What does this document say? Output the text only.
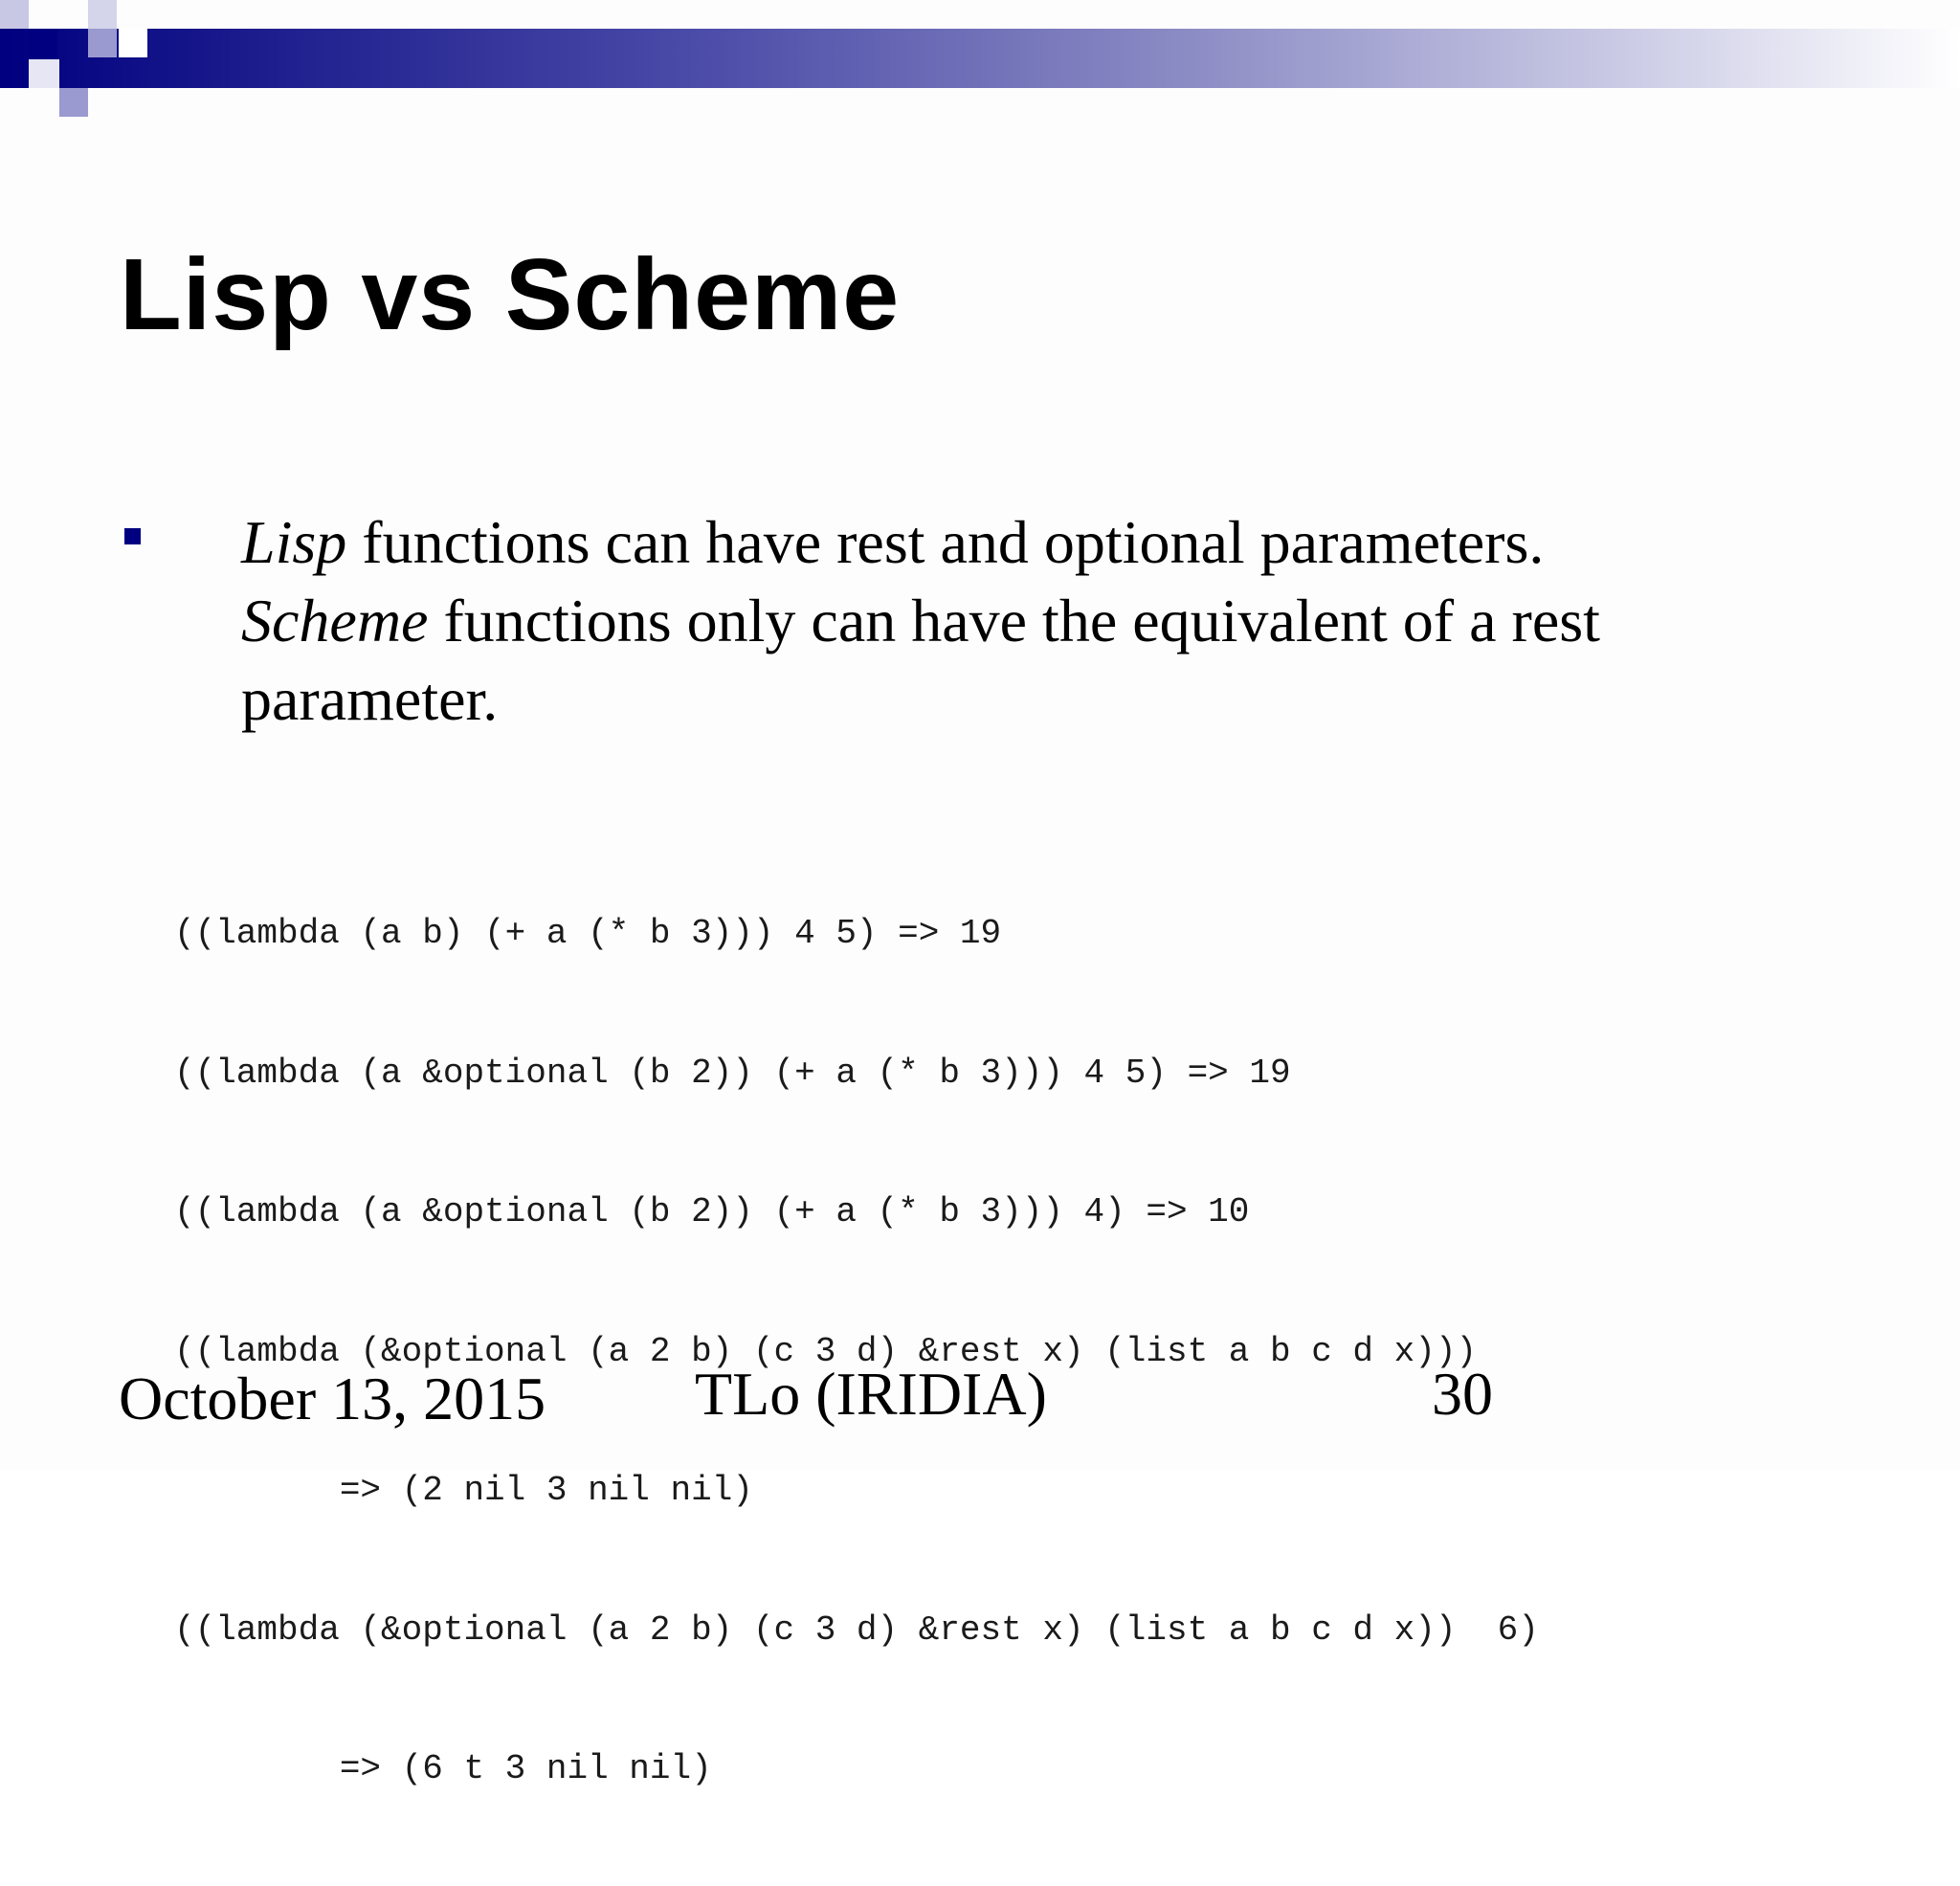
Lisp vs Scheme
Lisp functions can have rest and optional parameters. Scheme functions only can have the equivalent of a rest parameter.

((lambda (a b) (+ a (* b 3))) 4 5) => 19

((lambda (a &optional (b 2)) (+ a (* b 3))) 4 5) => 19

((lambda (a &optional (b 2)) (+ a (* b 3))) 4) => 10

((lambda (&optional (a 2 b) (c 3 d) &rest x) (list a b c d x)))

=> (2 nil 3 nil nil)

((lambda (&optional (a 2 b) (c 3 d) &rest x) (list a b c d x))  6)

=> (6 t 3 nil nil)

October 13, 2015 TLo (IRIDIA)	30
